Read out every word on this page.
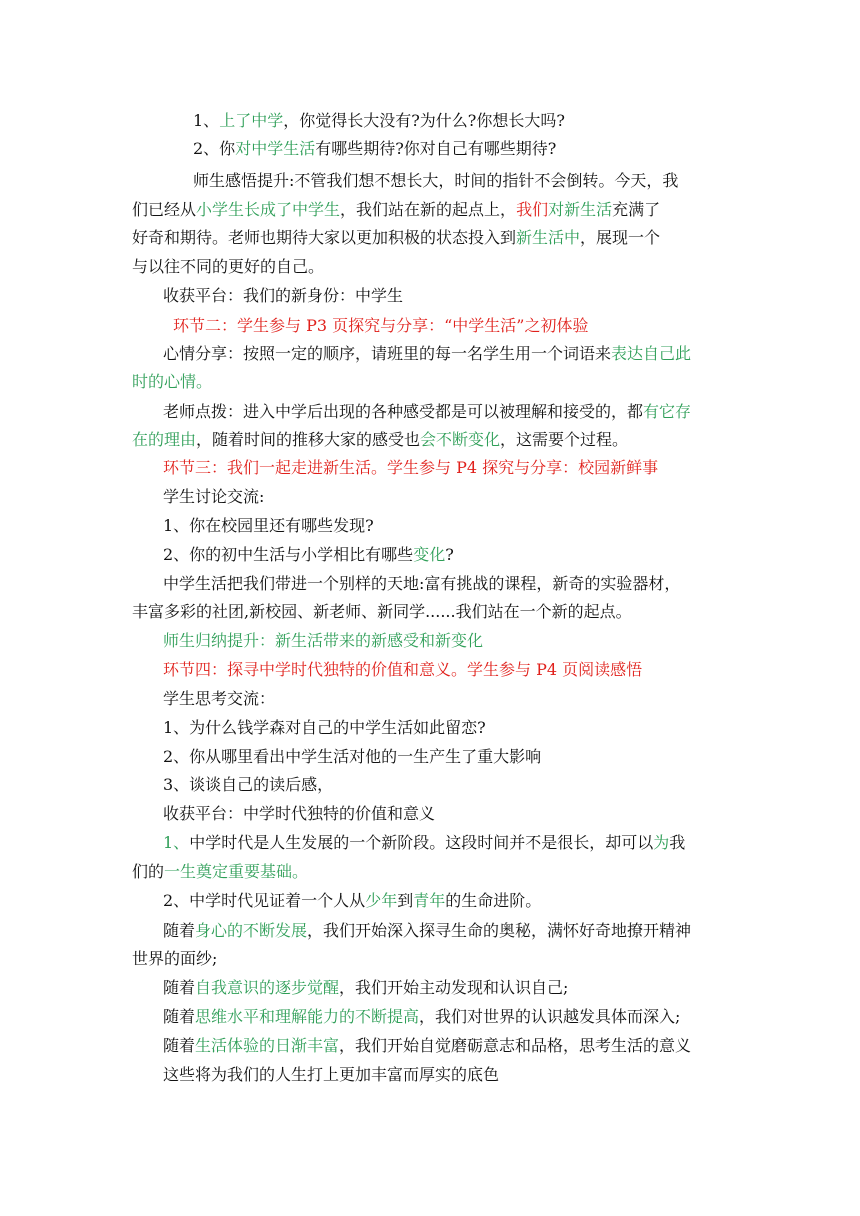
1、上了中学，你觉得长大没有?为什么?你想长大吗?
2、你对中学生活有哪些期待?你对自己有哪些期待?
师生感悟提升:不管我们想不想长大，时间的指针不会倒转。今天，我
们已经从小学生长成了中学生，我们站在新的起点上，我们对新生活充满了
好奇和期待。老师也期待大家以更加积极的状态投入到新生活中，展现一个
与以往不同的更好的自己。
收获平台：我们的新身份：中学生
环节二：学生参与 P3 页探究与分享：“中学生活”之初体验
心情分享：按照一定的顺序，请班里的每一名学生用一个词语来表达自己此
时的心情。
老师点拨：进入中学后出现的各种感受都是可以被理解和接受的，都有它存
在的理由，随着时间的推移大家的感受也会不断变化，这需要个过程。
环节三：我们一起走进新生活。学生参与 P4 探究与分享：校园新鲜事
学生讨论交流:
1、你在校园里还有哪些发现?
2、你的初中生活与小学相比有哪些变化?
中学生活把我们带进一个别样的天地:富有挑战的课程，新奇的实验器材，
丰富多彩的社团,新校园、新老师、新同学......我们站在一个新的起点。
师生归纳提升：新生活带来的新感受和新变化
环节四：探寻中学时代独特的价值和意义。学生参与 P4 页阅读感悟
学生思考交流：
1、为什么钱学森对自己的中学生活如此留恋?
2、你从哪里看出中学生活对他的一生产生了重大影响
3、谈谈自己的读后感，
收获平台：中学时代独特的价值和意义
1、中学时代是人生发展的一个新阶段。这段时间并不是很长，却可以为我
们的一生奠定重要基础。
2、中学时代见证着一个人从少年到青年的生命进阶。
随着身心的不断发展，我们开始深入探寻生命的奥秘，满怀好奇地撩开精神
世界的面纱;
随着自我意识的逐步觉醒，我们开始主动发现和认识自己;
随着思维水平和理解能力的不断提高，我们对世界的认识越发具体而深入;
随着生活体验的日渐丰富，我们开始自觉磨砺意志和品格，思考生活的意义
这些将为我们的人生打上更加丰富而厚实的底色
